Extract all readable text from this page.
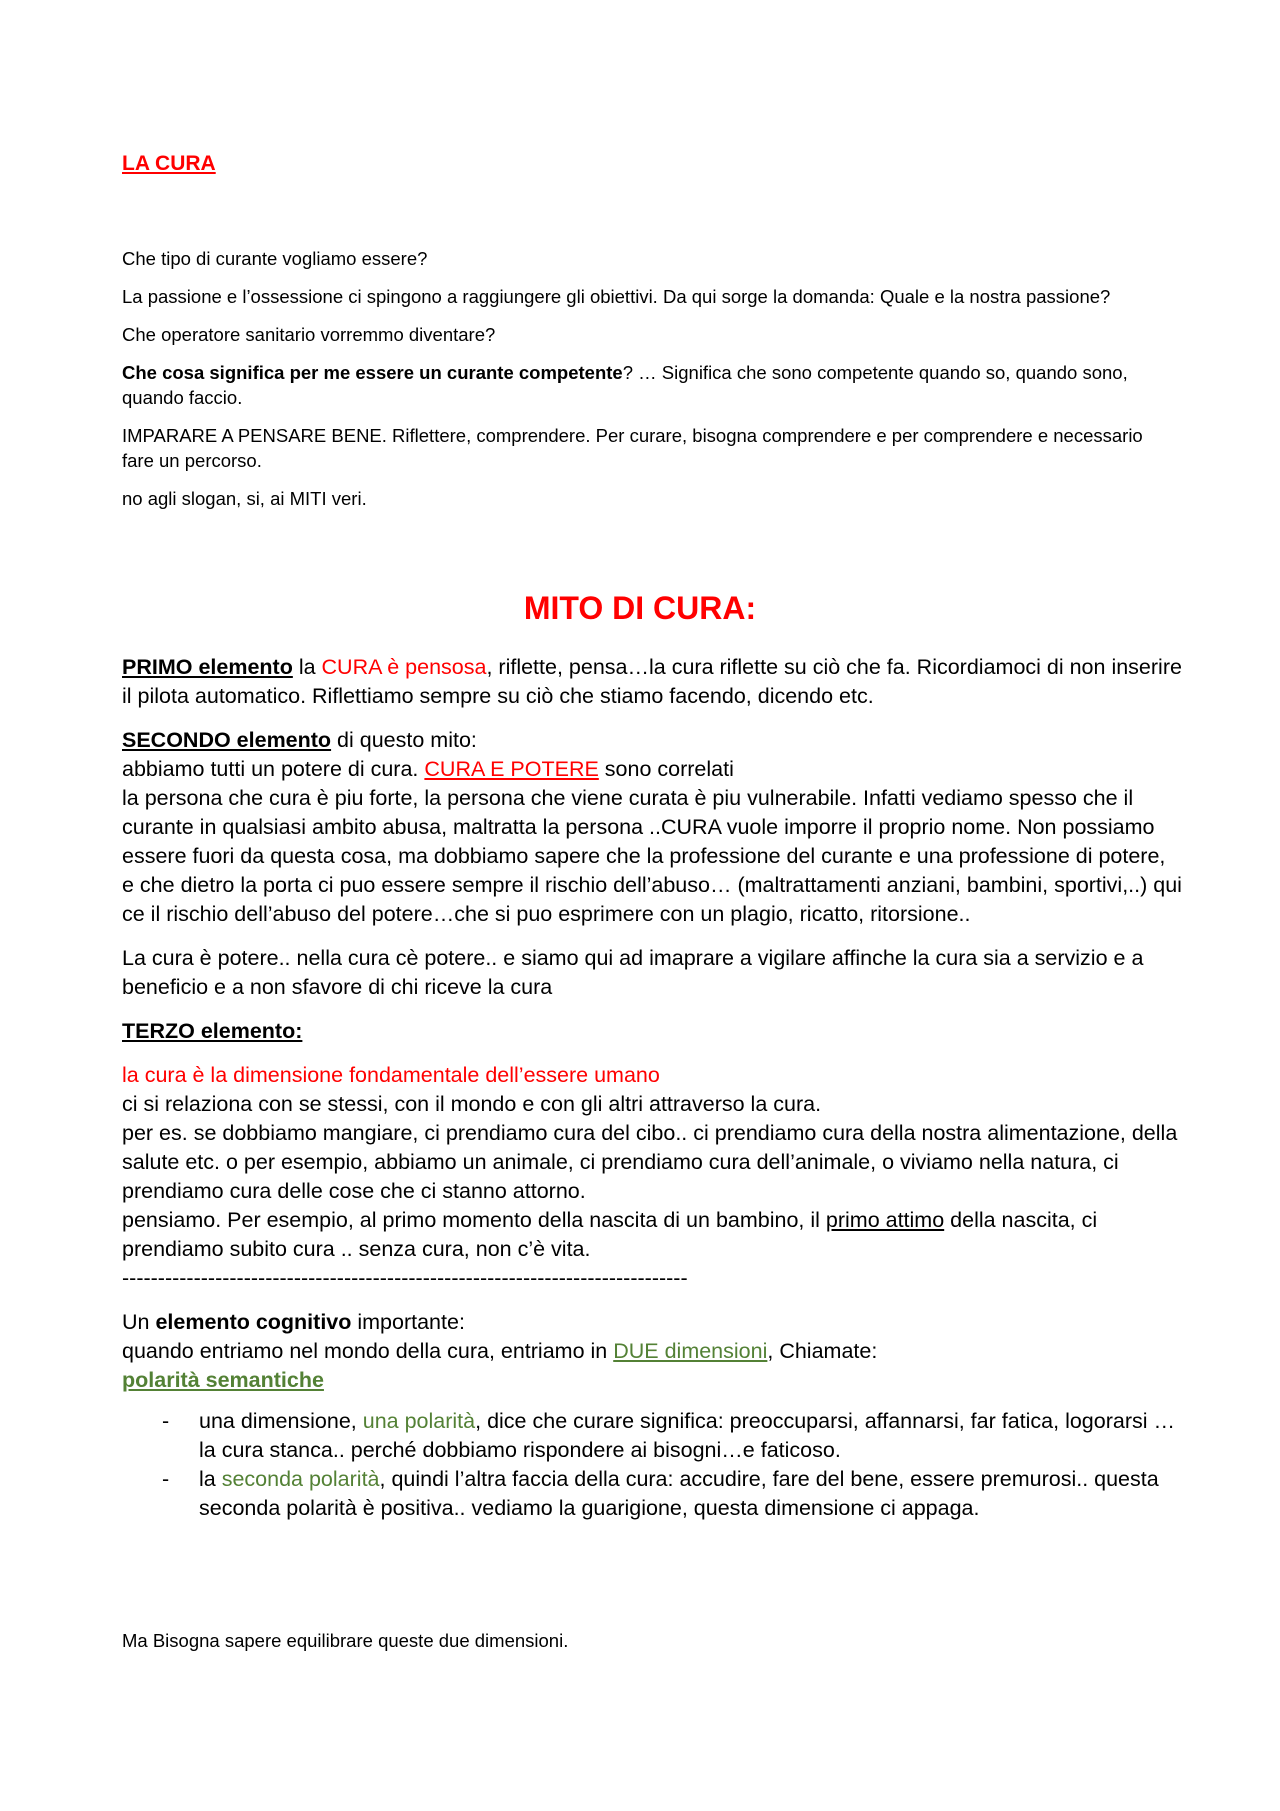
LA CURA

Che tipo di curante vogliamo essere?

La passione e l’ossessione ci spingono a raggiungere gli obiettivi. Da qui sorge la domanda: Quale e la nostra passione?

Che operatore sanitario vorremmo diventare?

Che cosa significa per me essere un curante competente? … Significa che sono competente quando so, quando sono, quando faccio.

IMPARARE A PENSARE BENE. Riflettere, comprendere. Per curare, bisogna comprendere e per comprendere e necessario fare un percorso.

no agli slogan, si, ai MITI veri.

MITO DI CURA:

PRIMO elemento la CURA è pensosa, riflette, pensa…la cura riflette su ciò che fa. Ricordiamoci di non inserire il pilota automatico. Riflettiamo sempre su ciò che stiamo facendo, dicendo etc.

SECONDO elemento di questo mito:
abbiamo tutti un potere di cura. CURA E POTERE sono correlati
la persona che cura è piu forte, la persona che viene curata è piu vulnerabile. Infatti vediamo spesso che il curante in qualsiasi ambito abusa, maltratta la persona ..CURA vuole imporre il proprio nome. Non possiamo essere fuori da questa cosa, ma dobbiamo sapere che la professione del curante e una professione di potere, e che dietro la porta ci puo essere sempre il rischio dell’abuso… (maltrattamenti anziani, bambini, sportivi,..) qui ce il rischio dell’abuso del potere…che si puo esprimere con un plagio, ricatto, ritorsione..

La cura è potere.. nella cura cè potere.. e siamo qui ad imaprare a vigilare affinche la cura sia a servizio e a beneficio e a non sfavore di chi riceve la cura

TERZO elemento:

la cura è la dimensione fondamentale dell’essere umano
ci si relaziona con se stessi, con il mondo e con gli altri attraverso la cura.
per es. se dobbiamo mangiare, ci prendiamo cura del cibo.. ci prendiamo cura della nostra alimentazione, della salute etc. o per esempio, abbiamo un animale, ci prendiamo cura dell’animale, o viviamo nella natura, ci prendiamo cura delle cose che ci stanno attorno.
pensiamo. Per esempio, al primo momento della nascita di un bambino, il primo attimo della nascita, ci prendiamo subito cura .. senza cura, non c’è vita.
-------------------------------------------------------------------------------

Un elemento cognitivo importante:
quando entriamo nel mondo della cura, entriamo in DUE dimensioni, Chiamate:
polarità semantiche
- una dimensione, una polarità, dice che curare significa: preoccuparsi, affannarsi, far fatica, logorarsi … la cura stanca.. perché dobbiamo rispondere ai bisogni…e faticoso.
- la seconda polarità, quindi l’altra faccia della cura: accudire, fare del bene, essere premurosi.. questa seconda polarità è positiva.. vediamo la guarigione, questa dimensione ci appaga.
Ma Bisogna sapere equilibrare queste due dimensioni.
